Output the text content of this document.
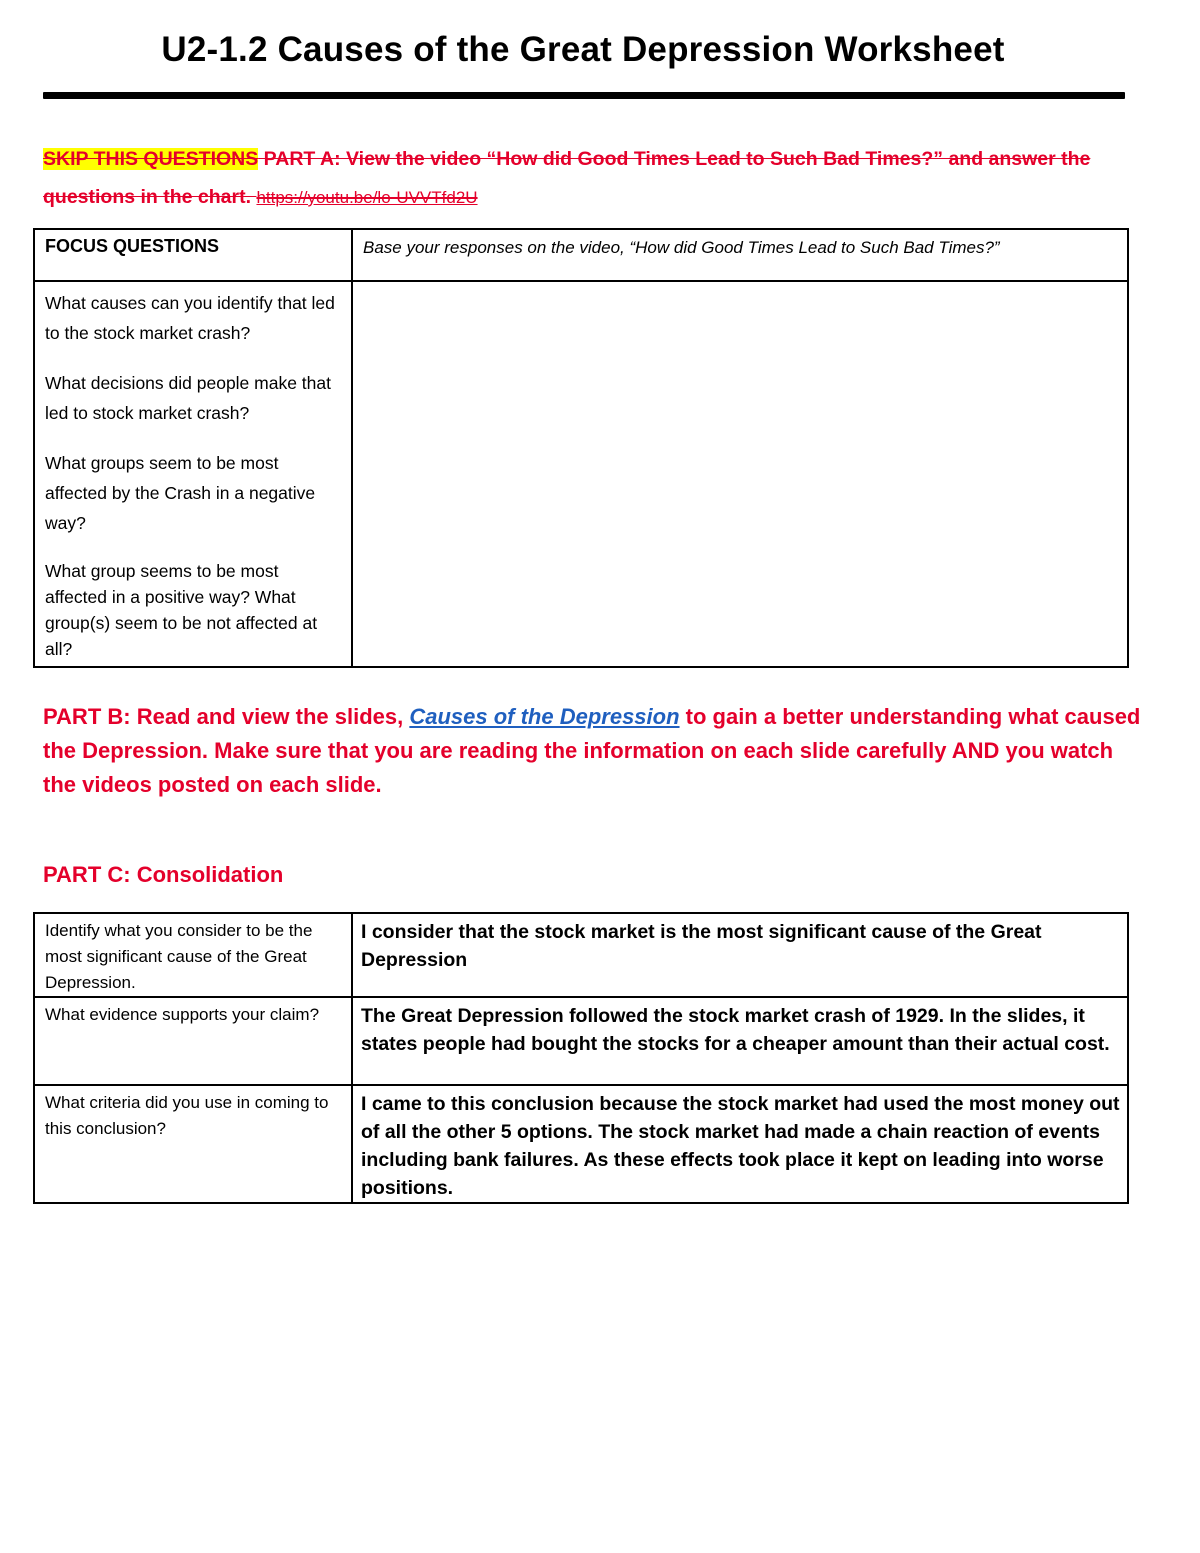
U2-1.2 Causes of the Great Depression Worksheet
SKIP THIS QUESTIONS PART A: View the video “How did Good Times Lead to Such Bad Times?” and answer the questions in the chart. https://youtu.be/lo-UVVTfd2U
FOCUS QUESTIONS	Base your responses on the video, “How did Good Times Lead to Such Bad Times?”

What causes can you identify that led to the stock market crash?

What decisions did people make that led to stock market crash?

What groups seem to be most affected by the Crash in a negative way?

What group seems to be most affected in a positive way? What group(s) seem to be not affected at all?	

PART B: Read and view the slides, Causes of the Depression to gain a better understanding what caused the Depression. Make sure that you are reading the information on each slide carefully AND you watch the videos posted on each slide.
PART C: Consolidation
Identify what you consider to be the most significant cause of the Great Depression.	I consider that the stock market is the most significant cause of the Great Depression
What evidence supports your claim?	The Great Depression followed the stock market crash of 1929. In the slides, it states people had bought the stocks for a cheaper amount than their actual cost.
What criteria did you use in coming to this conclusion?	I came to this conclusion because the stock market had used the most money out of all the other 5 options. The stock market had made a chain reaction of events including bank failures. As these effects took place it kept on leading into worse positions.
